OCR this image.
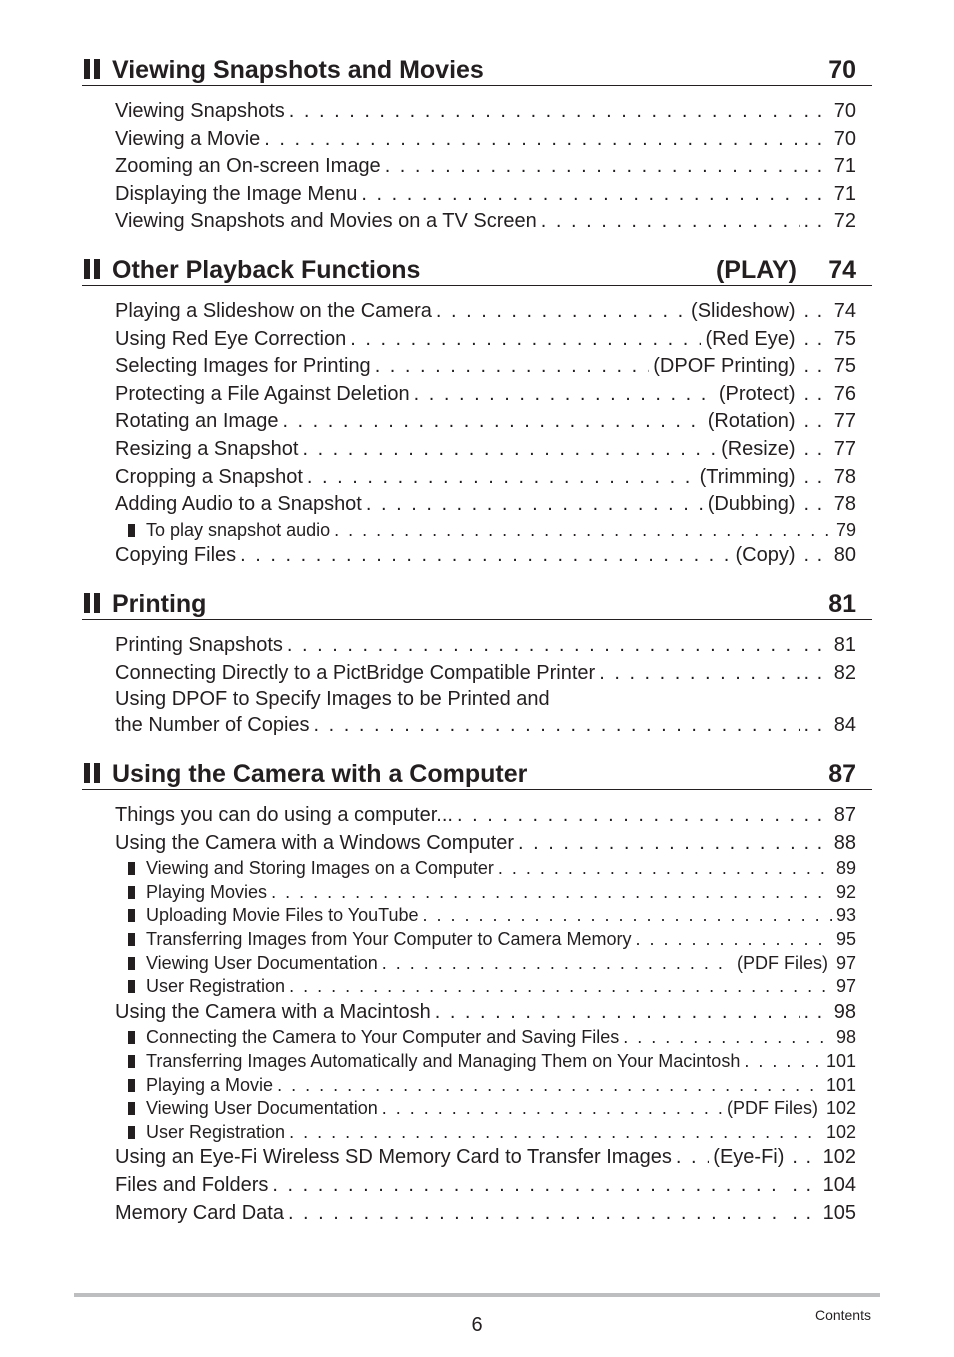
Viewing Snapshots and Movies	70
Viewing Snapshots . . .	. . 70
Viewing a Movie . . .	. . 70
Zooming an On-screen Image . . .	. . 71
Displaying the Image Menu . . .	. . 71
Viewing Snapshots and Movies on a TV Screen . . .	. . 72
Other Playback Functions	(PLAY) 74
Playing a Slideshow on the Camera . . .	(Slideshow)	. . 74
Using Red Eye Correction . . .	(Red Eye)	. . 75
Selecting Images for Printing . . .	(DPOF Printing)	. . 75
Protecting a File Against Deletion . . .	(Protect)	. . 76
Rotating an Image . . .	(Rotation)	. . 77
Resizing a Snapshot . . .	(Resize)	. . 77
Cropping a Snapshot . . .	(Trimming)	. . 78
Adding Audio to a Snapshot . . .	(Dubbing)	. . 78
To play snapshot audio . . .	79
Copying Files . . .	(Copy)	. . 80
Printing	81
Printing Snapshots . . .	. . 81
Connecting Directly to a PictBridge Compatible Printer . . .	. . 82
Using DPOF to Specify Images to be Printed and
the Number of Copies . . .	. . 84
Using the Camera with a Computer	87
Things you can do using a computer... . . .	. . 87
Using the Camera with a Windows Computer . . .	. . 88
Viewing and Storing Images on a Computer . . .	89
Playing Movies . . .	92
Uploading Movie Files to YouTube . . .	93
Transferring Images from Your Computer to Camera Memory . . .	95
Viewing User Documentation . . .	(PDF Files) 97
User Registration . . .	97
Using the Camera with a Macintosh . . .	. . 98
Connecting the Camera to Your Computer and Saving Files . . .	98
Transferring Images Automatically and Managing Them on Your Macintosh . . .	101
Playing a Movie . . .	101
Viewing User Documentation . . .	(PDF Files) 102
User Registration . . .	102
Using an Eye-Fi Wireless SD Memory Card to Transfer Images . . . (Eye-Fi)	. . 102
Files and Folders . . .	. . 104
Memory Card Data . . .	. . 105
6	Contents
